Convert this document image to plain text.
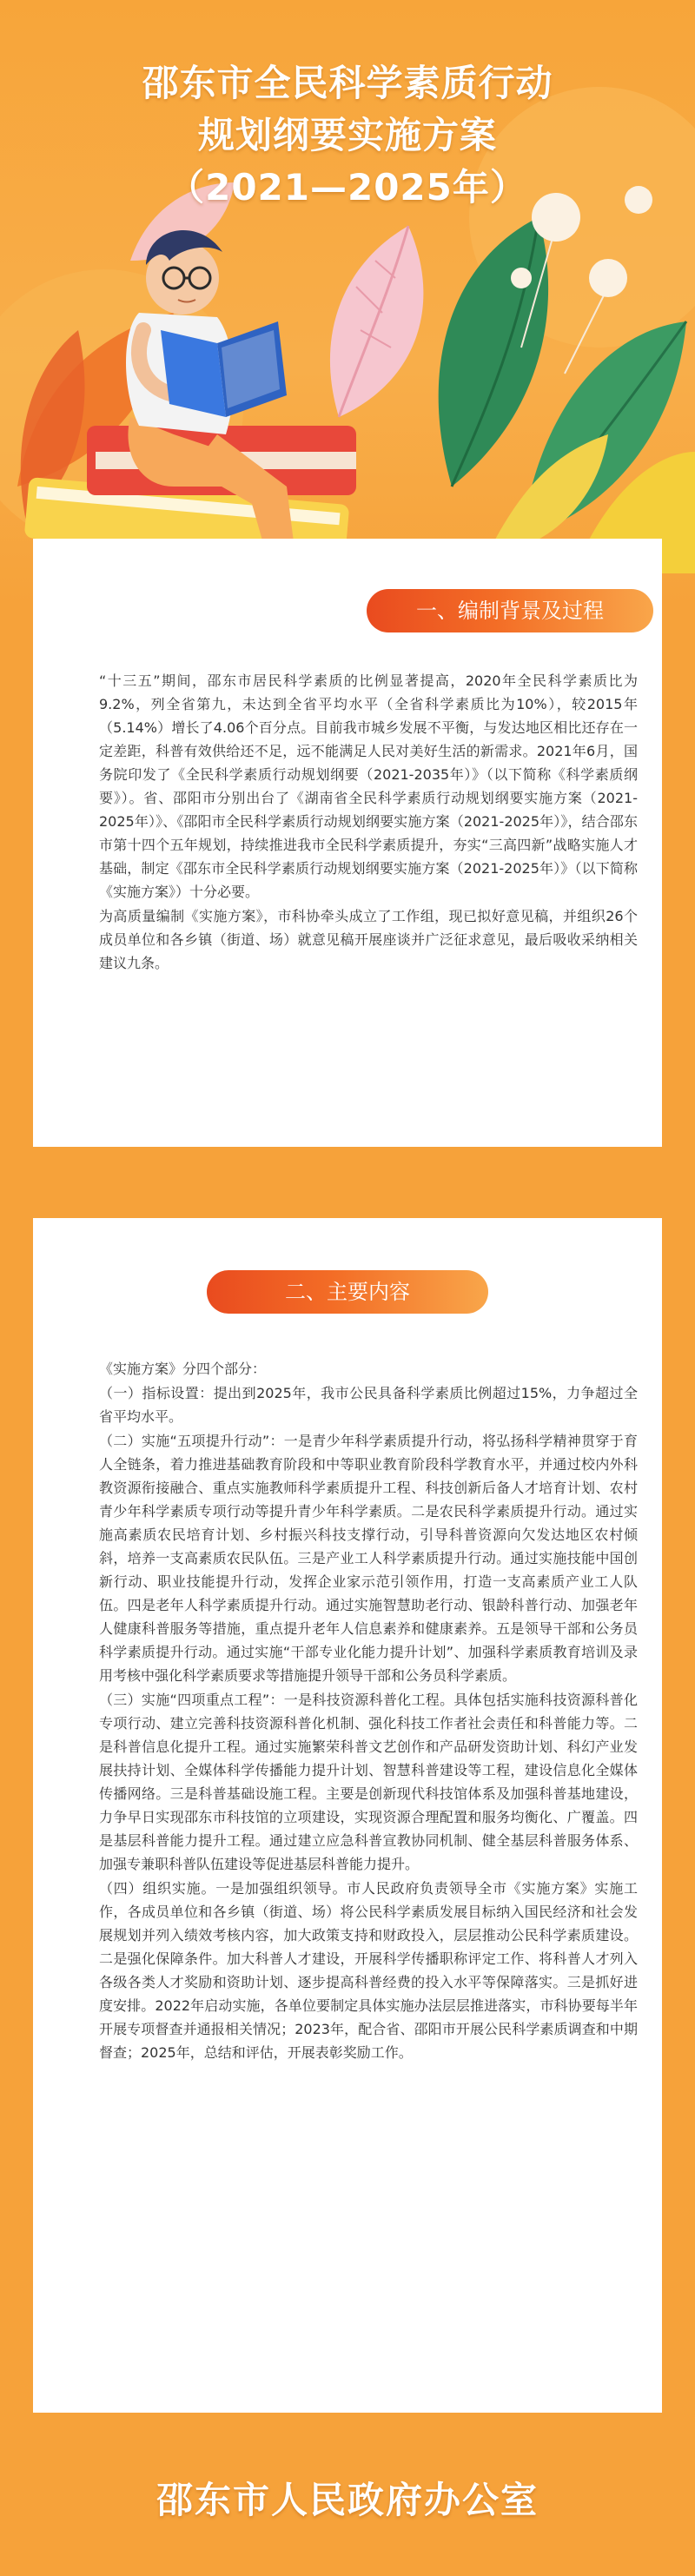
邵东市全民科学素质行动
规划纲要实施方案
（2021—2025年）
一、编制背景及过程

“十三五”期间，邵东市居民科学素质的比例显著提高，2020年全民科学素质比为9.2%，列全省第九，未达到全省平均水平（全省科学素质比为10%），较2015年（5.14%）增长了4.06个百分点。目前我市城乡发展不平衡，与发达地区相比还存在一定差距，科普有效供给还不足，远不能满足人民对美好生活的新需求。2021年6月，国务院印发了《全民科学素质行动规划纲要（2021-2035年）》（以下简称《科学素质纲要》）。省、邵阳市分别出台了《湖南省全民科学素质行动规划纲要实施方案（2021-2025年）》、《邵阳市全民科学素质行动规划纲要实施方案（2021-2025年）》，结合邵东市第十四个五年规划，持续推进我市全民科学素质提升，夯实“三高四新”战略实施人才基础，制定《邵东市全民科学素质行动规划纲要实施方案（2021-2025年）》（以下简称《实施方案》）十分必要。

为高质量编制《实施方案》，市科协牵头成立了工作组，现已拟好意见稿，并组织26个成员单位和各乡镇（街道、场）就意见稿开展座谈并广泛征求意见，最后吸收采纳相关建议九条。

二、主要内容

《实施方案》分四个部分：

（一）指标设置：提出到2025年，我市公民具备科学素质比例超过15%，力争超过全省平均水平。

（二）实施“五项提升行动”：一是青少年科学素质提升行动，将弘扬科学精神贯穿于育人全链条，着力推进基础教育阶段和中等职业教育阶段科学教育水平，并通过校内外科教资源衔接融合、重点实施教师科学素质提升工程、科技创新后备人才培育计划、农村青少年科学素质专项行动等提升青少年科学素质。二是农民科学素质提升行动。通过实施高素质农民培育计划、乡村振兴科技支撑行动，引导科普资源向欠发达地区农村倾斜，培养一支高素质农民队伍。三是产业工人科学素质提升行动。通过实施技能中国创新行动、职业技能提升行动，发挥企业家示范引领作用，打造一支高素质产业工人队伍。四是老年人科学素质提升行动。通过实施智慧助老行动、银龄科普行动、加强老年人健康科普服务等措施，重点提升老年人信息素养和健康素养。五是领导干部和公务员科学素质提升行动。通过实施“干部专业化能力提升计划”、加强科学素质教育培训及录用考核中强化科学素质要求等措施提升领导干部和公务员科学素质。

（三）实施“四项重点工程”：一是科技资源科普化工程。具体包括实施科技资源科普化专项行动、建立完善科技资源科普化机制、强化科技工作者社会责任和科普能力等。二是科普信息化提升工程。通过实施繁荣科普文艺创作和产品研发资助计划、科幻产业发展扶持计划、全媒体科学传播能力提升计划、智慧科普建设等工程，建设信息化全媒体传播网络。三是科普基础设施工程。主要是创新现代科技馆体系及加强科普基地建设，力争早日实现邵东市科技馆的立项建设，实现资源合理配置和服务均衡化、广覆盖。四是基层科普能力提升工程。通过建立应急科普宣教协同机制、健全基层科普服务体系、加强专兼职科普队伍建设等促进基层科普能力提升。

（四）组织实施。一是加强组织领导。市人民政府负责领导全市《实施方案》实施工作，各成员单位和各乡镇（街道、场）将公民科学素质发展目标纳入国民经济和社会发展规划并列入绩效考核内容，加大政策支持和财政投入，层层推动公民科学素质建设。二是强化保障条件。加大科普人才建设，开展科学传播职称评定工作、将科普人才列入各级各类人才奖励和资助计划、逐步提高科普经费的投入水平等保障落实。三是抓好进度安排。2022年启动实施，各单位要制定具体实施办法层层推进落实，市科协要每半年开展专项督查并通报相关情况；2023年，配合省、邵阳市开展公民科学素质调查和中期督查；2025年，总结和评估，开展表彰奖励工作。

邵东市人民政府办公室
